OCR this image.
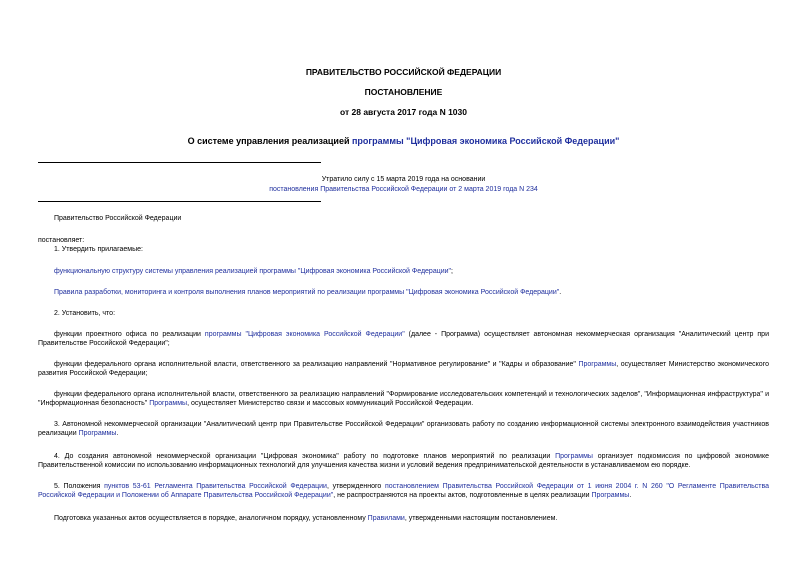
ПРАВИТЕЛЬСТВО РОССИЙСКОЙ ФЕДЕРАЦИИ
ПОСТАНОВЛЕНИЕ
от 28 августа 2017 года N 1030
О системе управления реализацией программы "Цифровая экономика Российской Федерации"
Утратило силу с 15 марта 2019 года на основании
постановления Правительства Российской Федерации от 2 марта 2019 года N 234
Правительство Российской Федерации
постановляет:
1. Утвердить прилагаемые:
функциональную структуру системы управления реализацией программы "Цифровая экономика Российской Федерации";
Правила разработки, мониторинга и контроля выполнения планов мероприятий по реализации программы "Цифровая экономика Российской Федерации".
2. Установить, что:
функции проектного офиса по реализации программы "Цифровая экономика Российской Федерации" (далее - Программа) осуществляет автономная некоммерческая организация "Аналитический центр при Правительстве Российской Федерации";
функции федерального органа исполнительной власти, ответственного за реализацию направлений "Нормативное регулирование" и "Кадры и образование" Программы, осуществляет Министерство экономического развития Российской Федерации;
функции федерального органа исполнительной власти, ответственного за реализацию направлений "Формирование исследовательских компетенций и технологических заделов", "Информационная инфраструктура" и "Информационная безопасность" Программы, осуществляет Министерство связи и массовых коммуникаций Российской Федерации.
3. Автономной некоммерческой организации "Аналитический центр при Правительстве Российской Федерации" организовать работу по созданию информационной системы электронного взаимодействия участников реализации Программы.
4. До создания автономной некоммерческой организации "Цифровая экономика" работу по подготовке планов мероприятий по реализации Программы организует подкомиссия по цифровой экономике Правительственной комиссии по использованию информационных технологий для улучшения качества жизни и условий ведения предпринимательской деятельности в устанавливаемом ею порядке.
5. Положения пунктов 53-61 Регламента Правительства Российской Федерации, утвержденного постановлением Правительства Российской Федерации от 1 июня 2004 г. N 260 "О Регламенте Правительства Российской Федерации и Положении об Аппарате Правительства Российской Федерации", не распространяются на проекты актов, подготовленные в целях реализации Программы.
Подготовка указанных актов осуществляется в порядке, аналогичном порядку, установленному Правилами, утвержденными настоящим постановлением.
